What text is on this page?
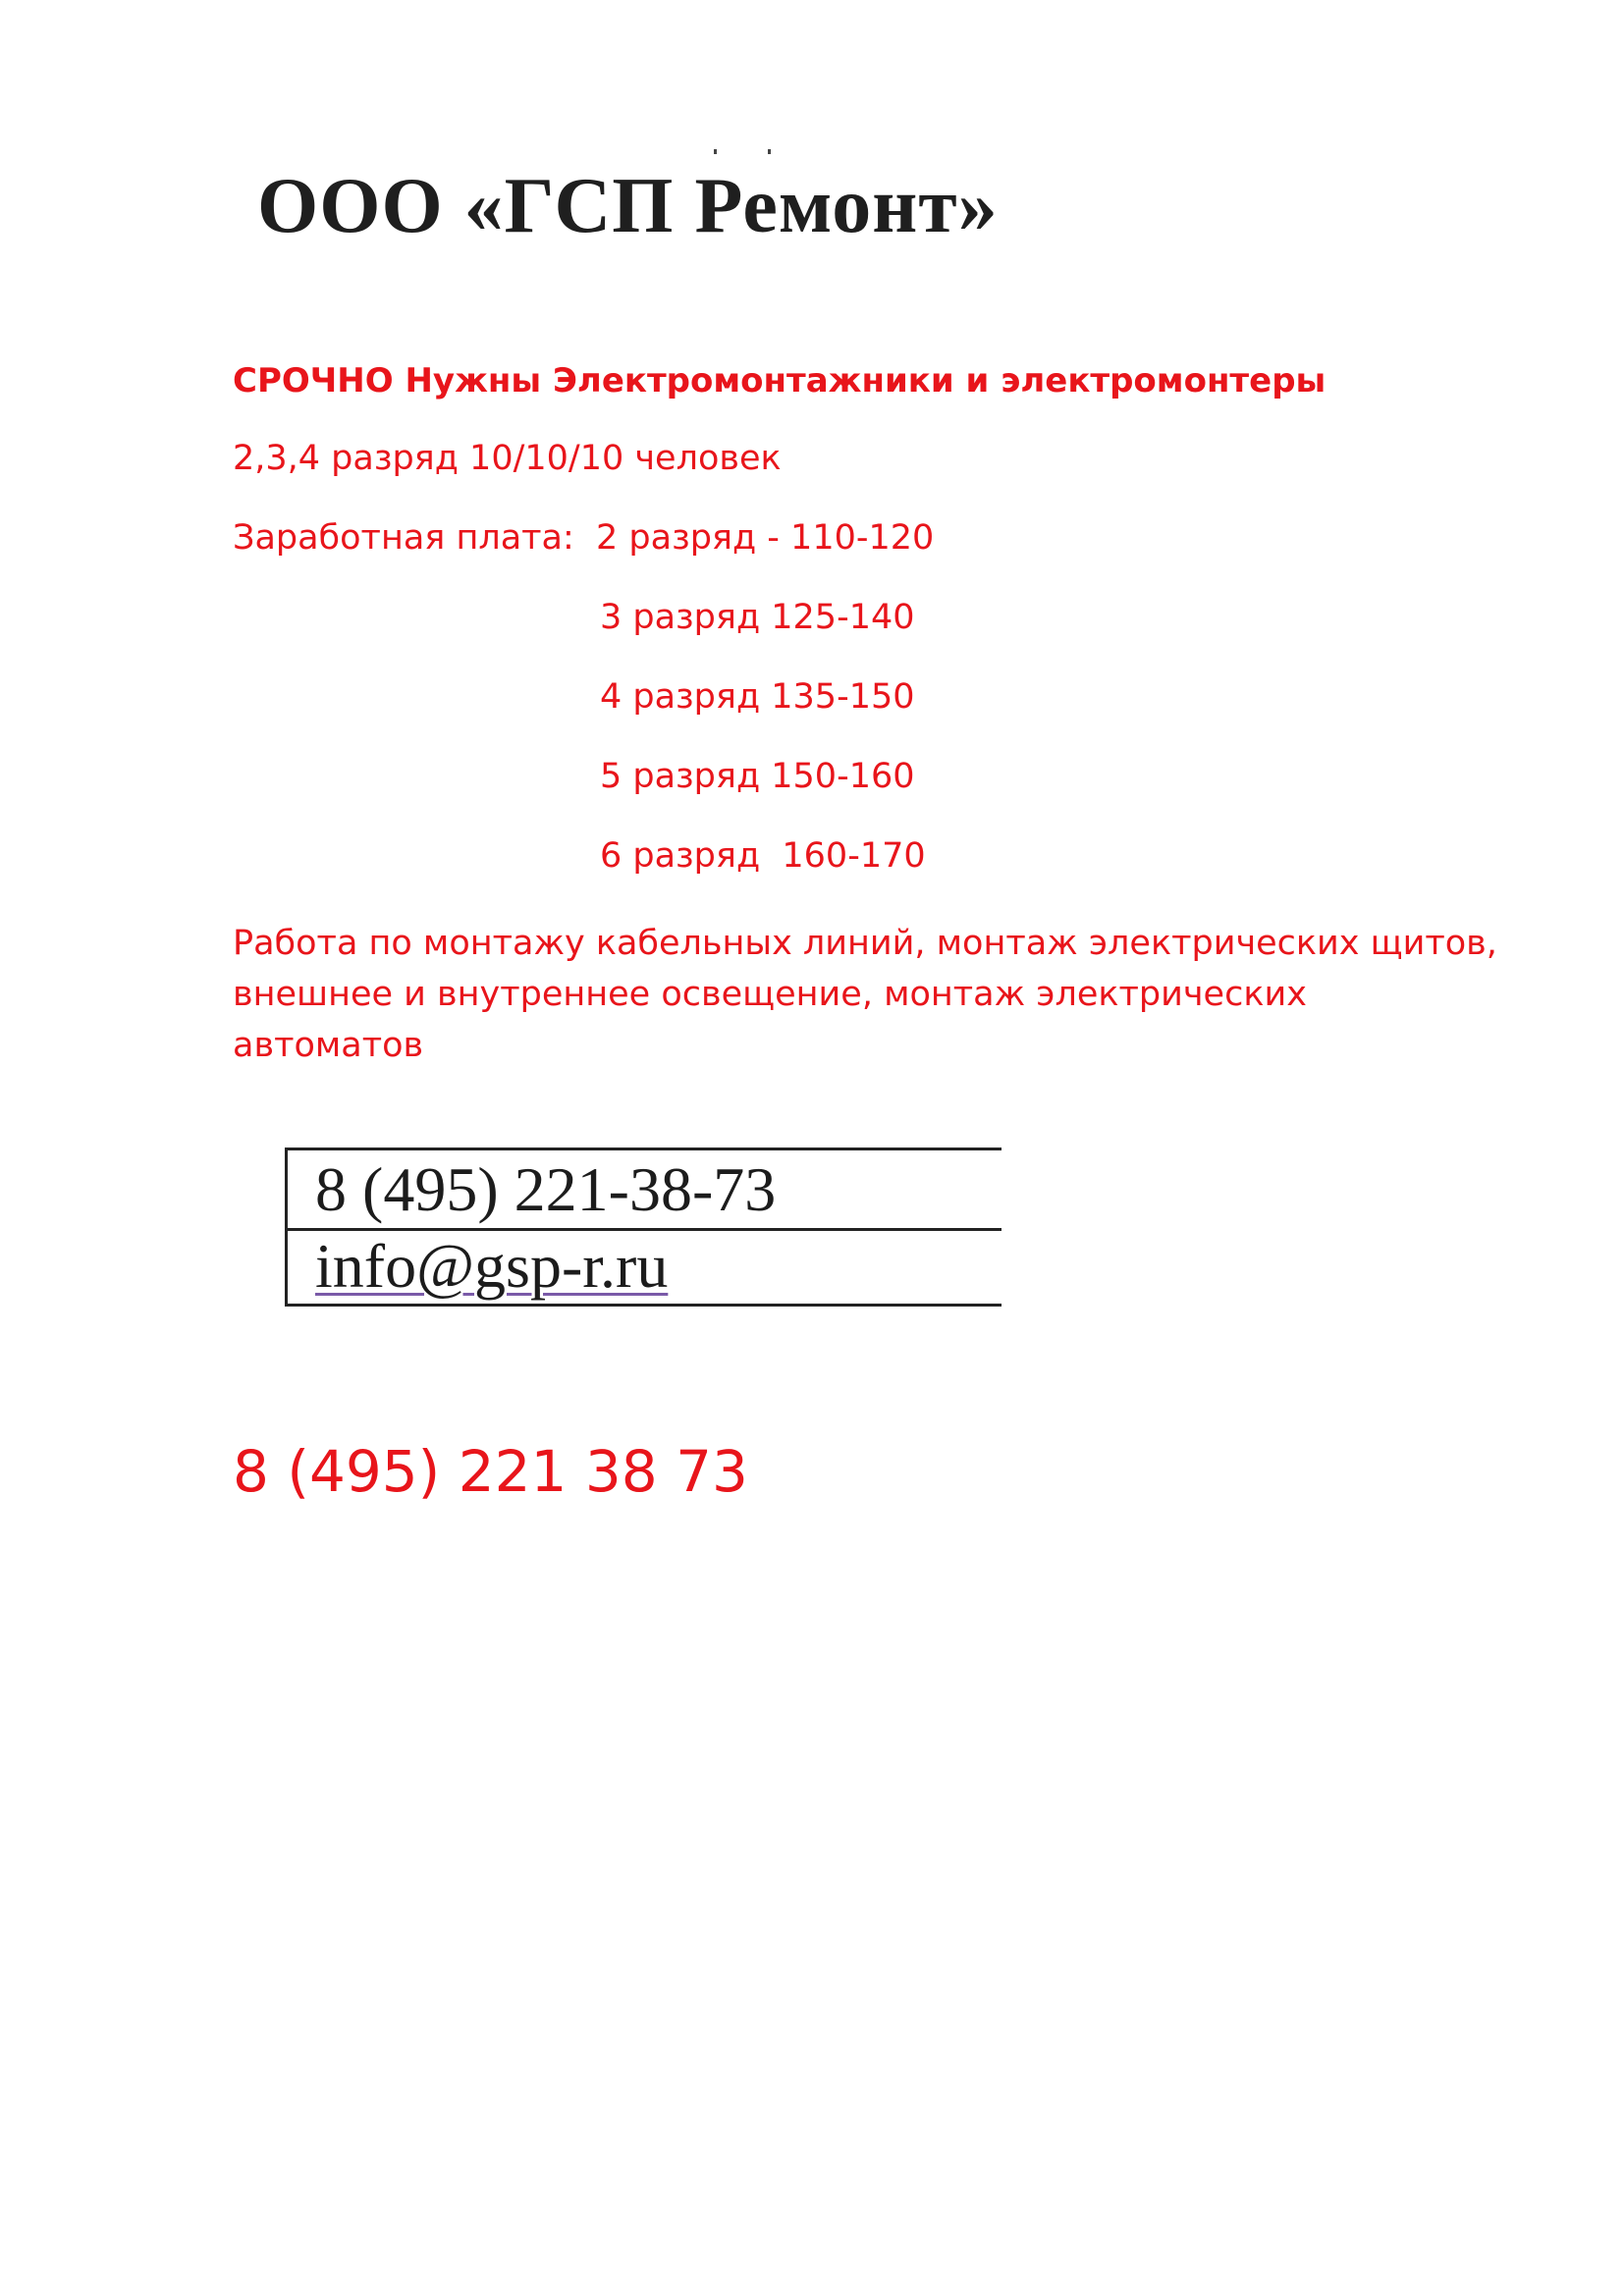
ООО «ГСП Ремонт»
СРОЧНО Нужны Электромонтажники и электромонтеры
2,3,4 разряд 10/10/10 человек
Заработная плата:  2 разряд - 110-120
3 разряд 125-140
4 разряд 135-150
5 разряд 150-160
6 разряд  160-170
Работа по монтажу кабельных линий, монтаж электрических щитов,
внешнее и внутреннее освещение, монтаж электрических
автоматов
8 (495) 221-38-73
info@gsp-r.ru
8 (495) 221 38 73
